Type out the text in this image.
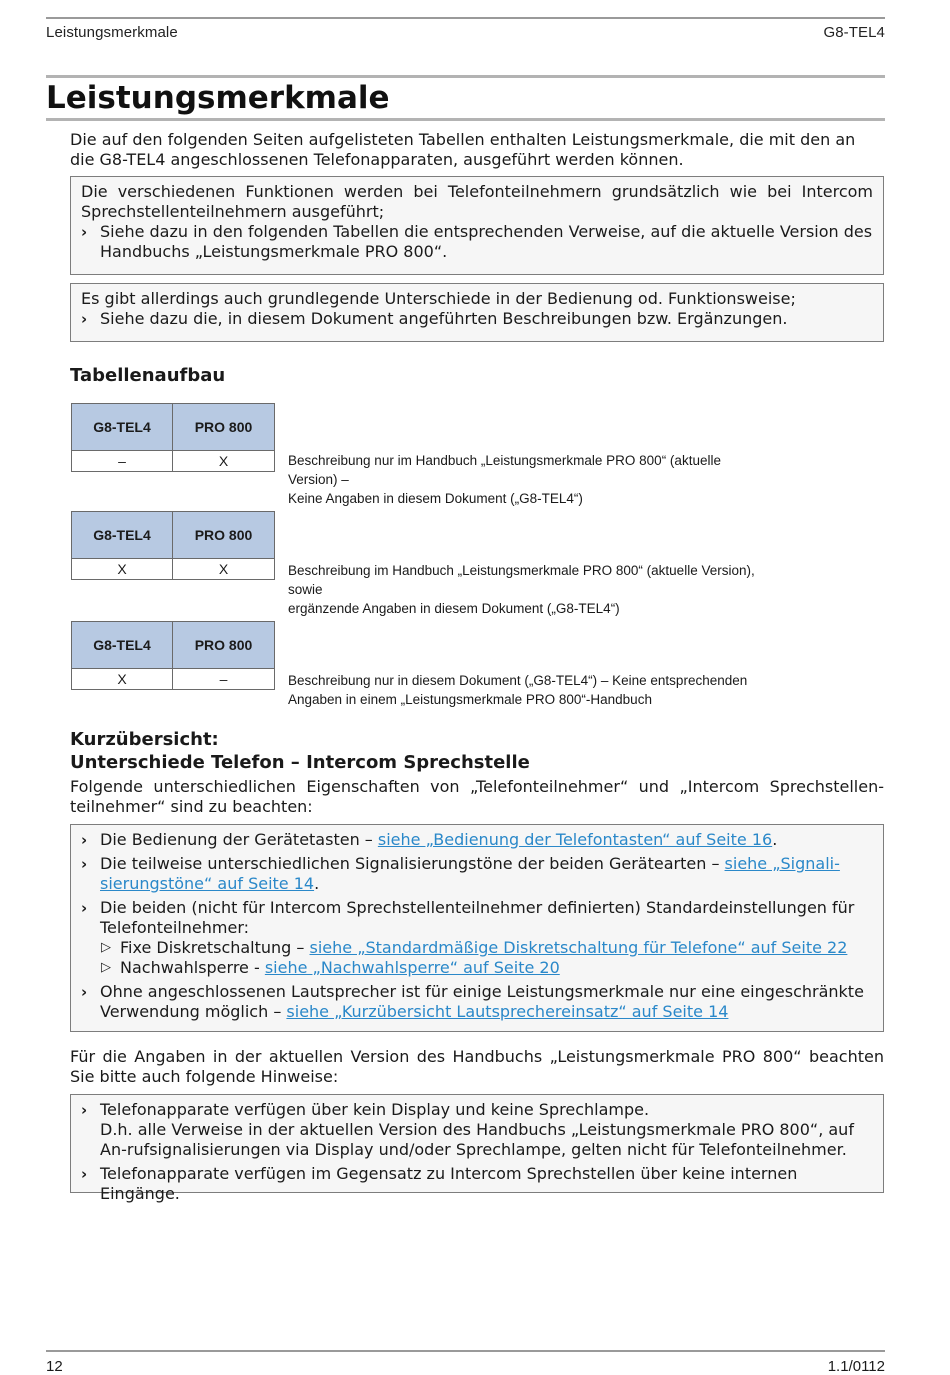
Leistungsmerkmale	G8-TEL4
Leistungsmerkmale

Die auf den folgenden Seiten aufgelisteten Tabellen enthalten Leistungsmerkmale, die mit den an die G8-TEL4 angeschlossenen Telefonapparaten, ausgeführt werden können.

Die verschiedenen Funktionen werden bei Telefonteilnehmern grundsätzlich wie bei Intercom Sprechstellenteilnehmern ausgeführt;

› Siehe dazu in den folgenden Tabellen die entsprechenden Verweise, auf die aktuelle Version des Handbuchs „Leistungsmerkmale PRO 800“.

Es gibt allerdings auch grundlegende Unterschiede in der Bedienung od. Funktionsweise;

› Siehe dazu die, in diesem Dokument angeführten Beschreibungen bzw. Ergänzungen.
Tabellenaufbau
G8-TEL4	PRO 800
–	X	Beschreibung nur im Handbuch „Leistungsmerkmale PRO 800“ (aktuelle Version) –
Keine Angaben in diesem Dokument („G8-TEL4“)
G8-TEL4	PRO 800
X	X	Beschreibung im Handbuch „Leistungsmerkmale PRO 800“ (aktuelle Version), sowie
ergänzende Angaben in diesem Dokument („G8-TEL4“)
G8-TEL4	PRO 800
X	–	Beschreibung nur in diesem Dokument („G8-TEL4“) – Keine entsprechenden
Angaben in einem „Leistungsmerkmale PRO 800“-Handbuch
Kurzübersicht:
Unterschiede Telefon – Intercom Sprechstelle

Folgende unterschiedlichen Eigenschaften von „Telefonteilnehmer“ und „Intercom Sprechstellen-teilnehmer“ sind zu beachten:

› Die Bedienung der Gerätetasten – siehe „Bedienung der Telefontasten“ auf Seite 16.
› Die teilweise unterschiedlichen Signalisierungstöne der beiden Gerätearten – siehe „Signali-sierungstöne“ auf Seite 14.
› Die beiden (nicht für Intercom Sprechstellenteilnehmer definierten) Standardeinstellungen für Telefonteilnehmer:
▷ Fixe Diskretschaltung – siehe „Standardmäßige Diskretschaltung für Telefone“ auf Seite 22
▷ Nachwahlsperre - siehe „Nachwahlsperre“ auf Seite 20
› Ohne angeschlossenen Lautsprecher ist für einige Leistungsmerkmale nur eine eingeschränkte Verwendung möglich – siehe „Kurzübersicht Lautsprechereinsatz“ auf Seite 14

Für die Angaben in der aktuellen Version des Handbuchs „Leistungsmerkmale PRO 800“ beachten Sie bitte auch folgende Hinweise:

› Telefonapparate verfügen über kein Display und keine Sprechlampe.
D.h. alle Verweise in der aktuellen Version des Handbuchs „Leistungsmerkmale PRO 800“, auf An-rufsignalisierungen via Display und/oder Sprechlampe, gelten nicht für Telefonteilnehmer.
› Telefonapparate verfügen im Gegensatz zu Intercom Sprechstellen über keine internen Eingänge.
12	1.1/0112
